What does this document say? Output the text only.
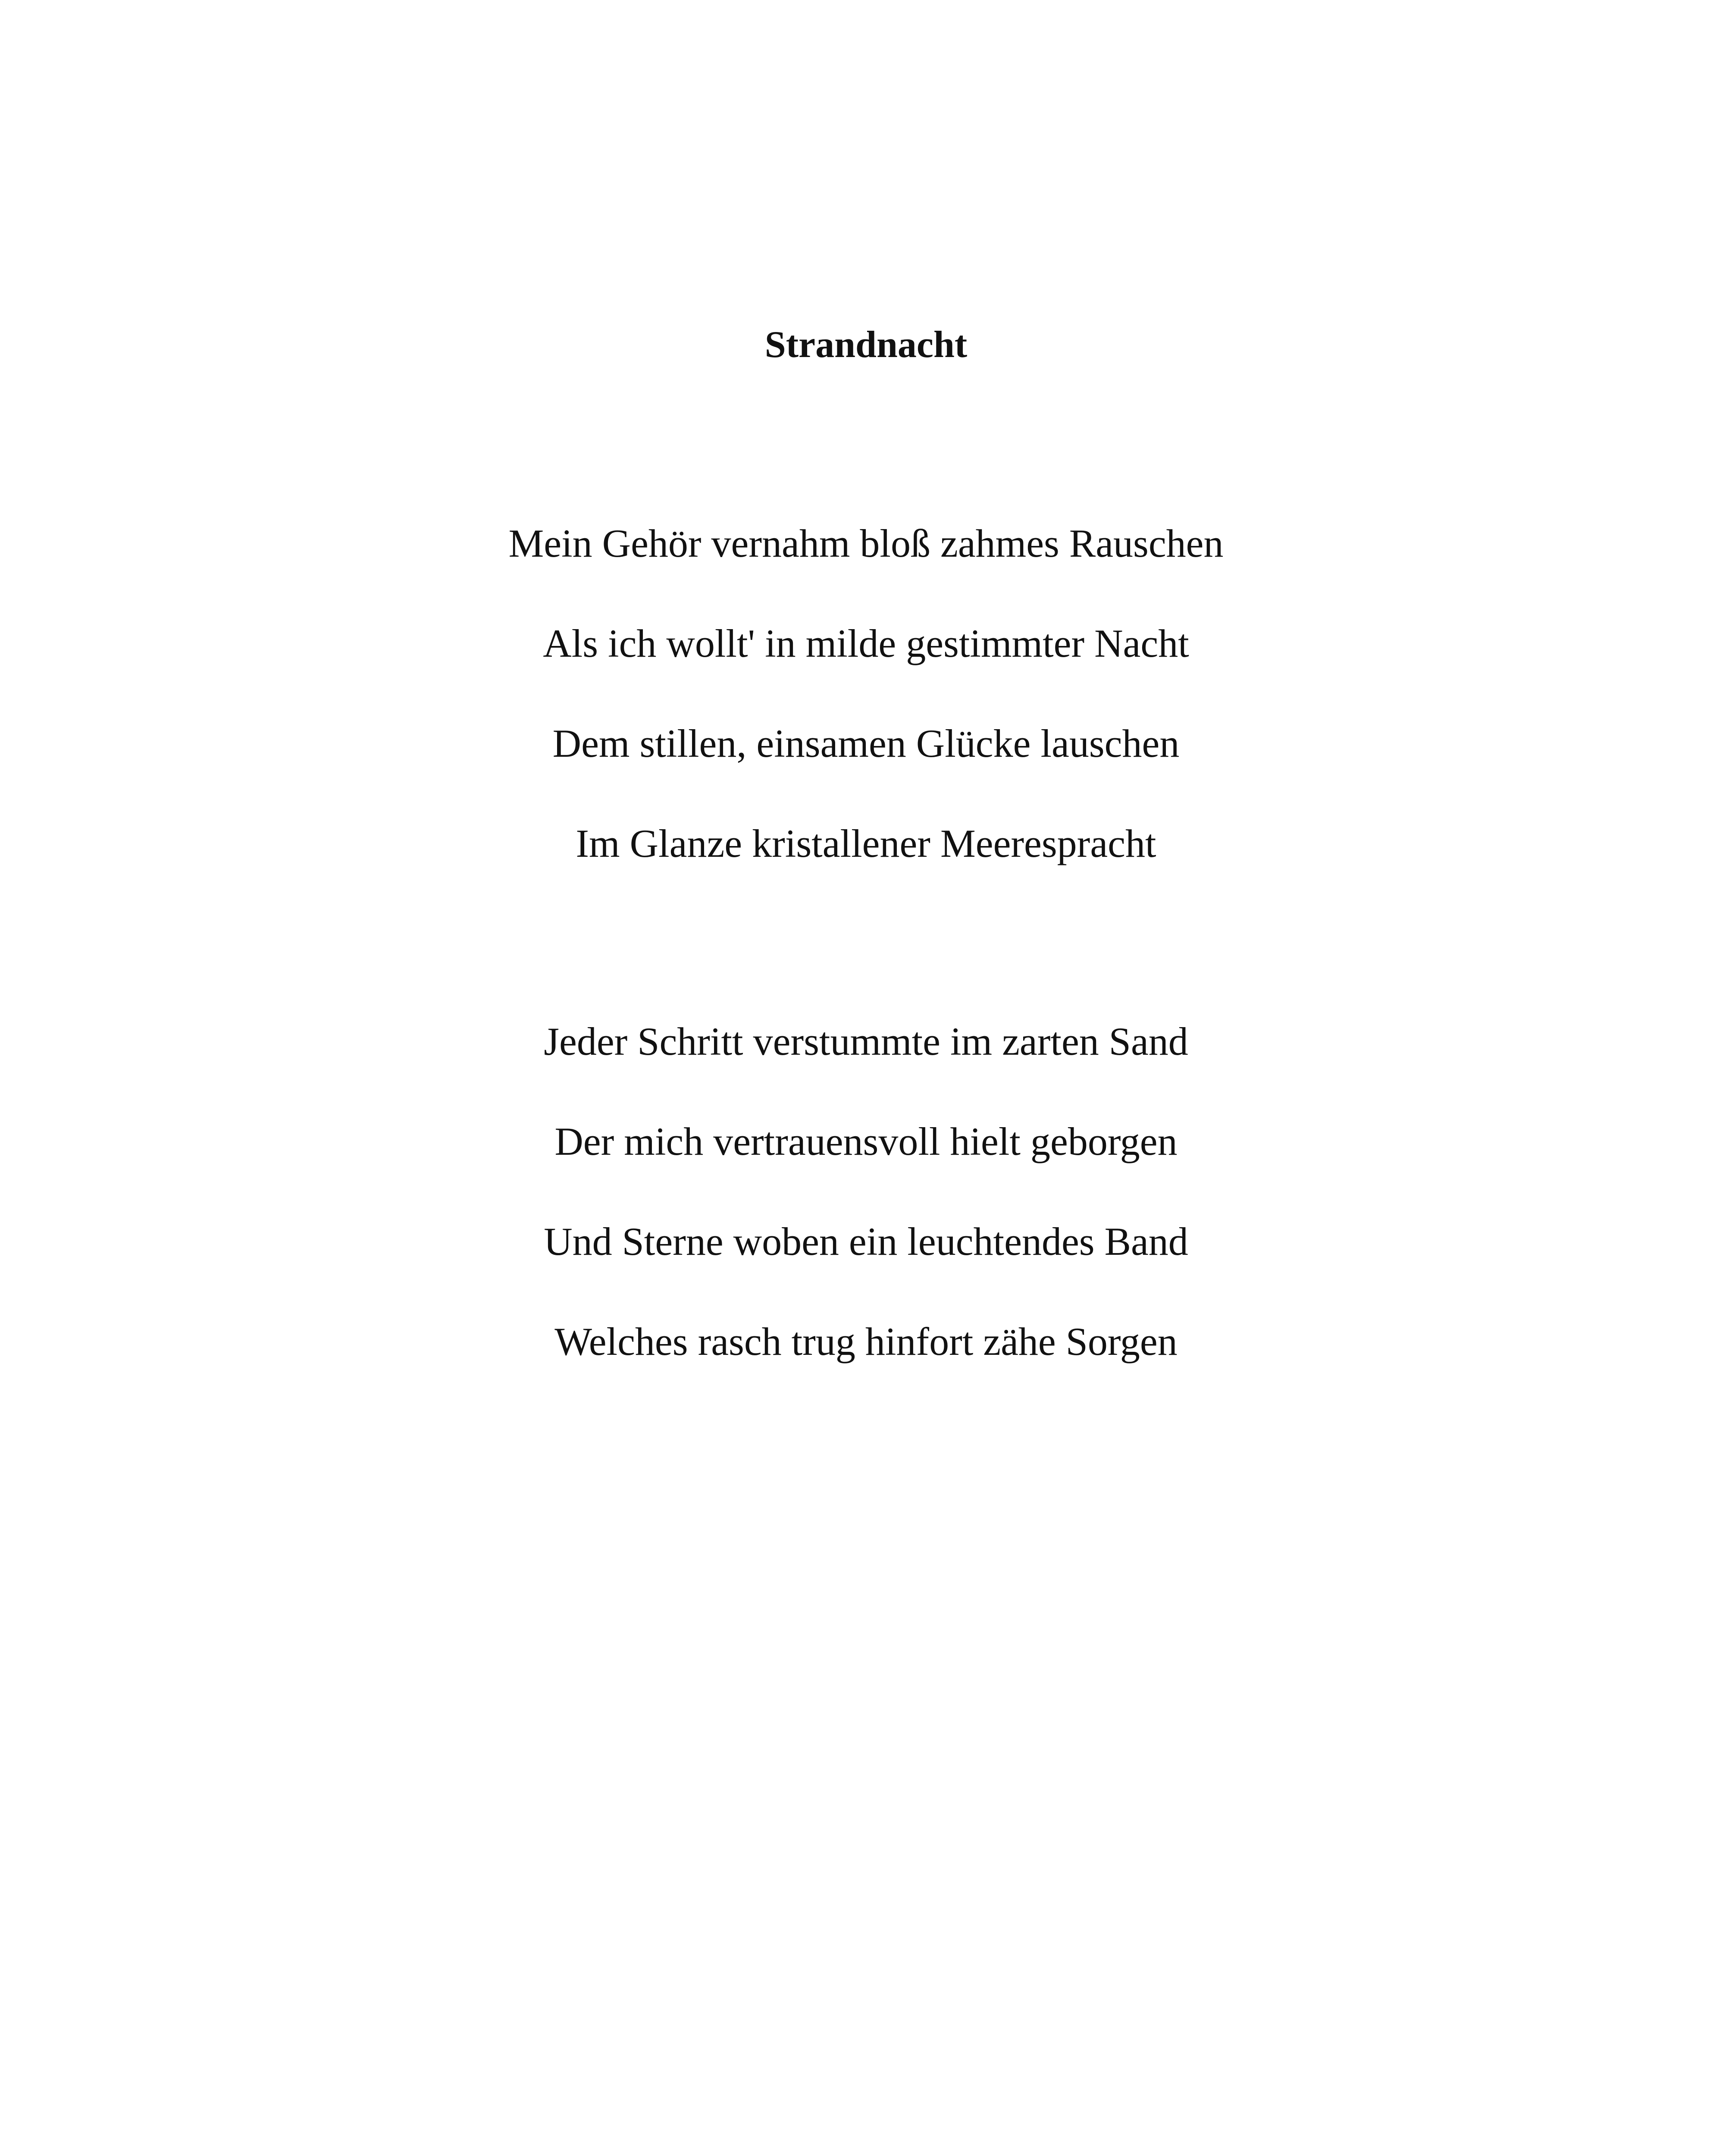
Strandnacht
Mein Gehör vernahm bloß zahmes Rauschen
Als ich wollt' in milde gestimmter Nacht
Dem stillen, einsamen Glücke lauschen
Im Glanze kristallener Meerespracht
Jeder Schritt verstummte im zarten Sand
Der mich vertrauensvoll hielt geborgen
Und Sterne woben ein leuchtendes Band
Welches rasch trug hinfort zähe Sorgen
